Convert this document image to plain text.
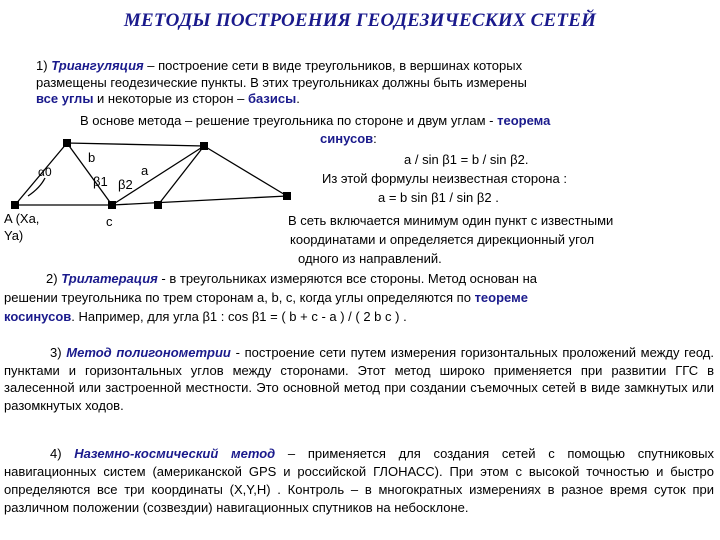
МЕТОДЫ ПОСТРОЕНИЯ ГЕОДЕЗИЧЕСКИХ СЕТЕЙ
1) Триангуляция – построение сети в виде треугольников, в вершинах которых
размещены геодезические пункты. В этих треугольниках должны быть измерены
все углы и некоторые из сторон – базисы.
В основе метода – решение треугольника по стороне и двум углам - теорема
синусов:
a / sin β1 = b / sin β2.
Из этой формулы неизвестная сторона :
a = b sin β1 / sin β2 .
В сеть включается минимум один пункт с известными
координатами и определяется дирекционный угол
одного из направлений.
α0
A (Xa,
Ya)
b
a
c
β1 β2
2) Трилатерация - в треугольниках измеряются все стороны. Метод основан на
решении треугольника по трем сторонам a, b, c, когда углы определяются по теореме
косинусов. Например, для угла β1 : cos β1 = ( b + c - a ) / ( 2 b c ) .
3) Метод полигонометрии - построение сети путем измерения горизонтальных проложений между геод. пунктами и горизонтальных углов между сторонами. Этот метод широко применяется при развитии ГГС в залесенной или застроенной местности. Это основной метод при создании съемочных сетей в виде замкнутых или разомкнутых ходов.
4) Наземно-космический метод – применяется для создания сетей с помощью спутниковых навигационных систем (американской GPS и российской ГЛОНАСС). При этом с высокой точностью и быстро определяются все три координаты (X,Y,H) . Контроль – в многократных измерениях в разное время суток при различном положении (созвездии) навигационных спутников на небосклоне.
